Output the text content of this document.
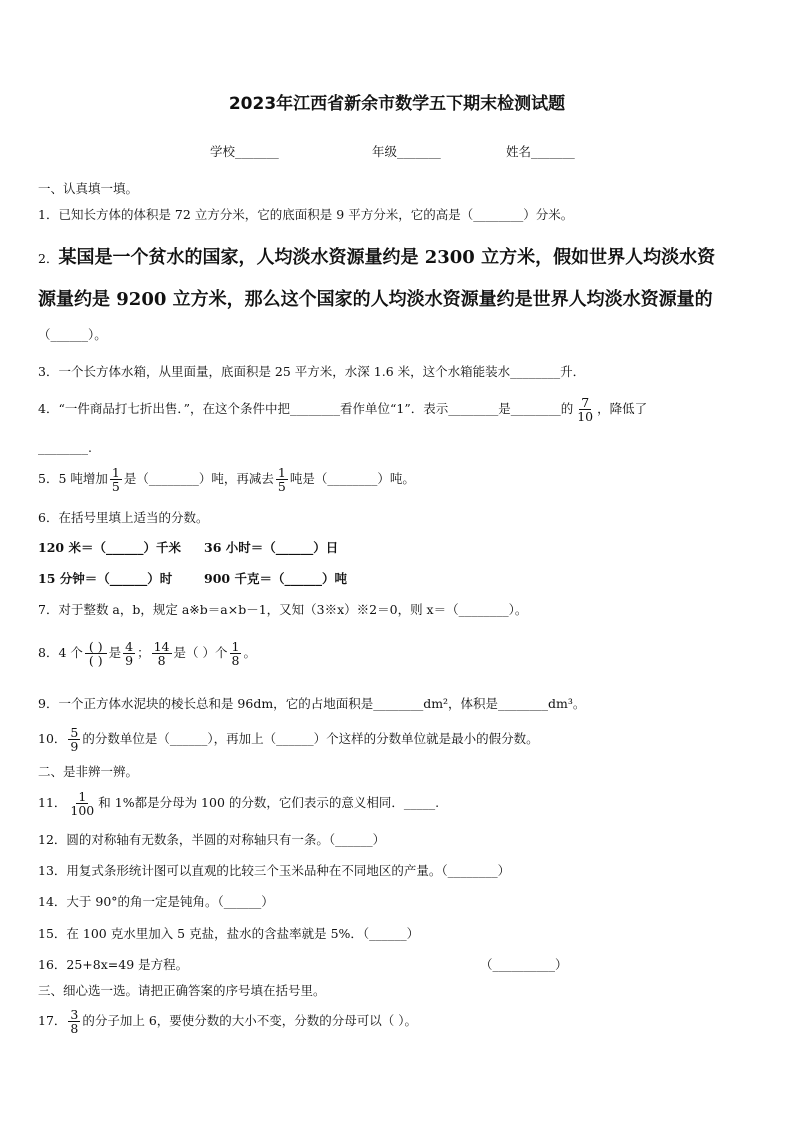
2023年江西省新余市数学五下期末检测试题
学校_______	年级_______	姓名_______
一、认真填一填。
1．已知长方体的体积是 72 立方分米，它的底面积是 9 平方分米，它的高是（________）分米。
2．某国是一个贫水的国家，人均淡水资源量约是 2300 立方米，假如世界人均淡水资
源量约是 9200 立方米，那么这个国家的人均淡水资源量约是世界人均淡水资源量的
（______）。
3．一个长方体水箱，从里面量，底面积是 25 平方米，水深 1.6 米，这个水箱能装水________升．
4．“一件商品打七折出售．”，在这个条件中把________看作单位“1”．表示________是________的 $\frac{7}{10}$ ，降低了
________.
5．5 吨增加 $\frac{1}{5}$ 是（________）吨，再减去 $\frac{1}{5}$ 吨是（________）吨。
6．在括号里填上适当的分数。
120 米＝（______）千米	36 小时＝（______）日
15 分钟＝（______）时	900 千克＝（______）吨
7．对于整数 a，b，规定 a※b＝a×b－1，又知（3※x）※2＝0，则 x＝（________）。
8．4 个 $\frac{( )}{( )}$ 是 $\frac{4}{9}$ ； $\frac{14}{8}$ 是（ ）个 $\frac{1}{8}$ 。
9．一个正方体水泥块的棱长总和是 96dm，它的占地面积是________dm²，体积是________dm³。
10． $\frac{5}{9}$ 的分数单位是（______），再加上（______）个这样的分数单位就是最小的假分数。
二、是非辨一辨。
11． $\frac{1}{100}$ 和 1%都是分母为 100 的分数，它们表示的意义相同．_____.
12．圆的对称轴有无数条，半圆的对称轴只有一条。（______）
13．用复式条形统计图可以直观的比较三个玉米品种在不同地区的产量。（________）
14．大于 90°的角一定是钝角。（______）
15．在 100 克水里加入 5 克盐，盐水的含盐率就是 5%．（______）
16．25+8x=49 是方程。	（__________）
三、细心选一选。请把正确答案的序号填在括号里。
17． $\frac{3}{8}$ 的分子加上 6，要使分数的大小不变，分数的分母可以（ ）。
